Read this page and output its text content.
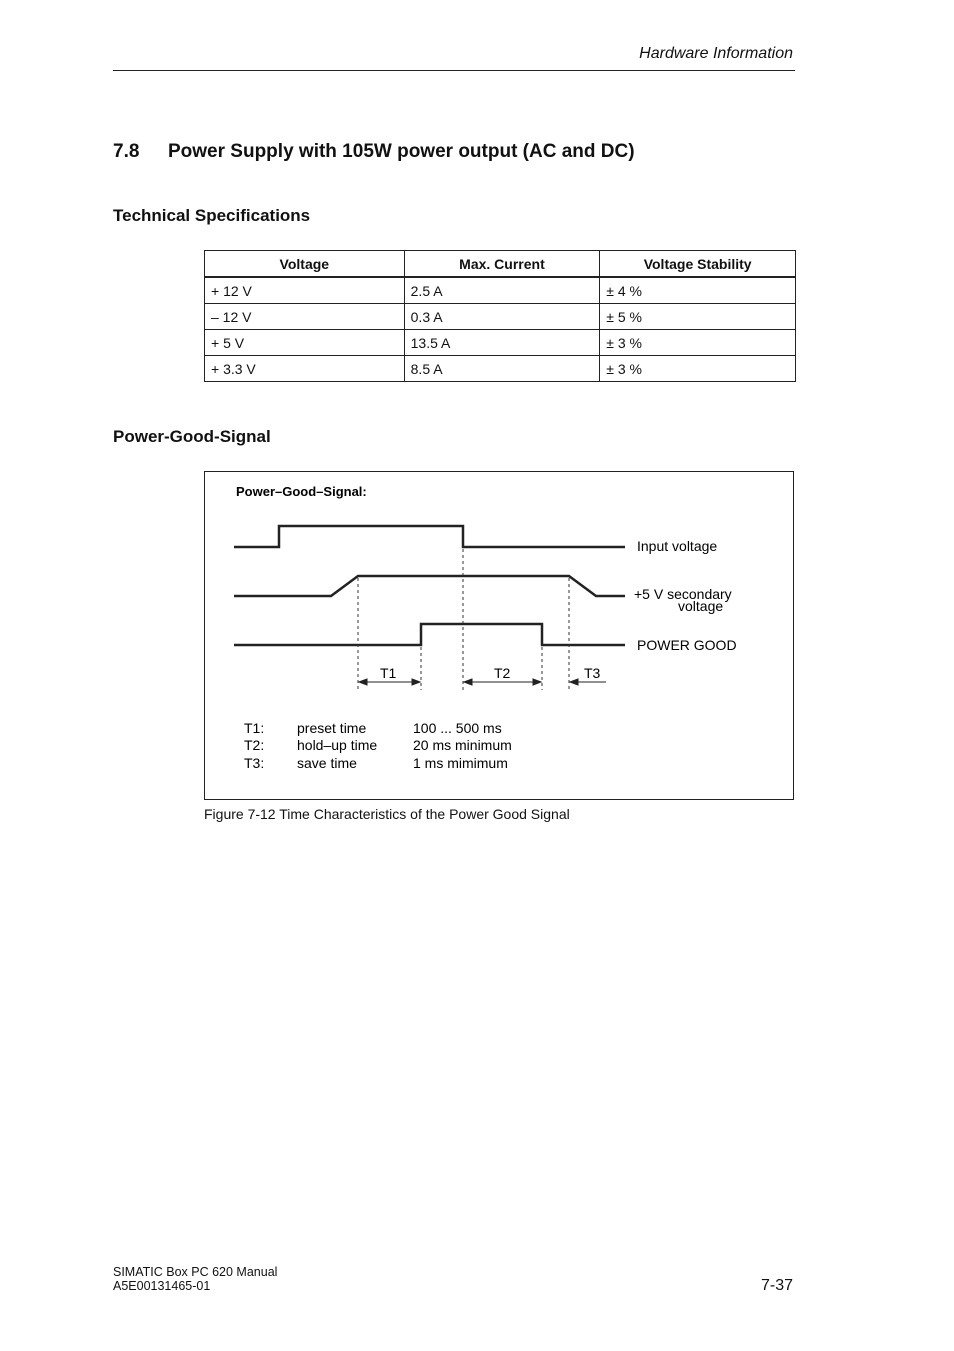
Hardware Information
7.8 Power Supply with 105W power output (AC and DC)
Technical Specifications
Voltage	Max. Current	Voltage Stability
+ 12 V	2.5 A	± 4 %
– 12 V	0.3 A	± 5 %
+ 5 V	13.5 A	± 3 %
+ 3.3 V	8.5 A	± 3 %
Power-Good-Signal
Power–Good–Signal:
T1	T2	T3
Input voltage
+5 V secondary
voltage
POWER GOOD
T1: preset time	100 ... 500 ms
T2: hold–up time	20 ms minimum
T3: save time	1 ms mimimum
Figure 7-12 Time Characteristics of the Power Good Signal
SIMATIC Box PC 620 Manual
A5E00131465-01	7-37
